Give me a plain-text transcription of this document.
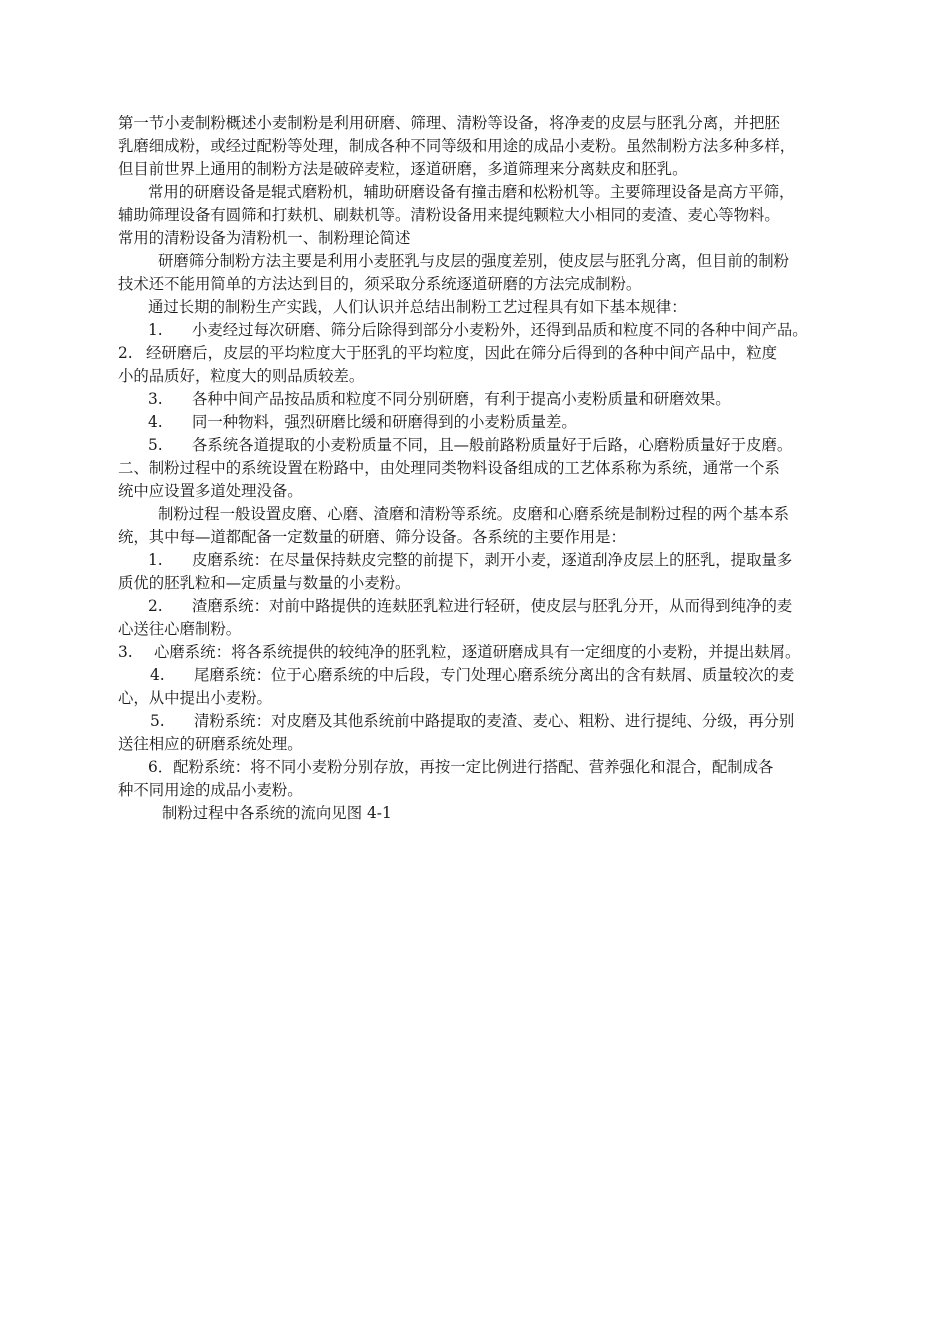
第一节小麦制粉概述小麦制粉是利用研磨、筛理、清粉等设备，将净麦的皮层与胚乳分离，并把胚
乳磨细成粉，或经过配粉等处理，制成各种不同等级和用途的成品小麦粉。虽然制粉方法多种多样，
但目前世界上通用的制粉方法是破碎麦粒，逐道研磨，多道筛理来分离麸皮和胚乳。
常用的研磨设备是辊式磨粉机，辅助研磨设备有撞击磨和松粉机等。主要筛理设备是高方平筛，
辅助筛理设备有圆筛和打麸机、刷麸机等。清粉设备用来提纯颗粒大小相同的麦渣、麦心等物料。
常用的清粉设备为清粉机一、制粉理论简述
研磨筛分制粉方法主要是利用小麦胚乳与皮层的强度差别，使皮层与胚乳分离，但目前的制粉
技术还不能用简单的方法达到目的，须采取分系统逐道研磨的方法完成制粉。
通过长期的制粉生产实践，人们认识并总结出制粉工艺过程具有如下基本规律：
1. 小麦经过每次研磨、筛分后除得到部分小麦粉外，还得到品质和粒度不同的各种中间产品。
2. 经研磨后，皮层的平均粒度大于胚乳的平均粒度，因此在筛分后得到的各种中间产品中，粒度
小的品质好，粒度大的则品质较差。
3. 各种中间产品按品质和粒度不同分别研磨，有利于提高小麦粉质量和研磨效果。
4. 同一种物料，强烈研磨比缓和研磨得到的小麦粉质量差。
5. 各系统各道提取的小麦粉质量不同，且—般前路粉质量好于后路，心磨粉质量好于皮磨。
二、制粉过程中的系统设置在粉路中，由处理同类物料设备组成的工艺体系称为系统，通常一个系
统中应设置多道处理没备。
制粉过程一般设置皮磨、心磨、渣磨和清粉等系统。皮磨和心磨系统是制粉过程的两个基本系
统，其中每—道都配备一定数量的研磨、筛分设备。各系统的主要作用是：
1. 皮磨系统：在尽量保持麸皮完整的前提下，剥开小麦，逐道刮净皮层上的胚乳，提取量多
质优的胚乳粒和—定质量与数量的小麦粉。
2. 渣磨系统：对前中路提供的连麸胚乳粒进行轻研，使皮层与胚乳分开，从而得到纯净的麦
心送往心磨制粉。
3. 心磨系统：将各系统提供的较纯净的胚乳粒，逐道研磨成具有一定细度的小麦粉，并提出麸屑。
4. 尾磨系统：位于心磨系统的中后段，专门处理心磨系统分离出的含有麸屑、质量较次的麦
心，从中提出小麦粉。
5. 清粉系统：对皮磨及其他系统前中路提取的麦渣、麦心、粗粉、进行提纯、分级，再分别
送往相应的研磨系统处理。
6．配粉系统：将不同小麦粉分别存放，再按一定比例进行搭配、营养强化和混合，配制成各
种不同用途的成品小麦粉。
制粉过程中各系统的流向见图 4-1
